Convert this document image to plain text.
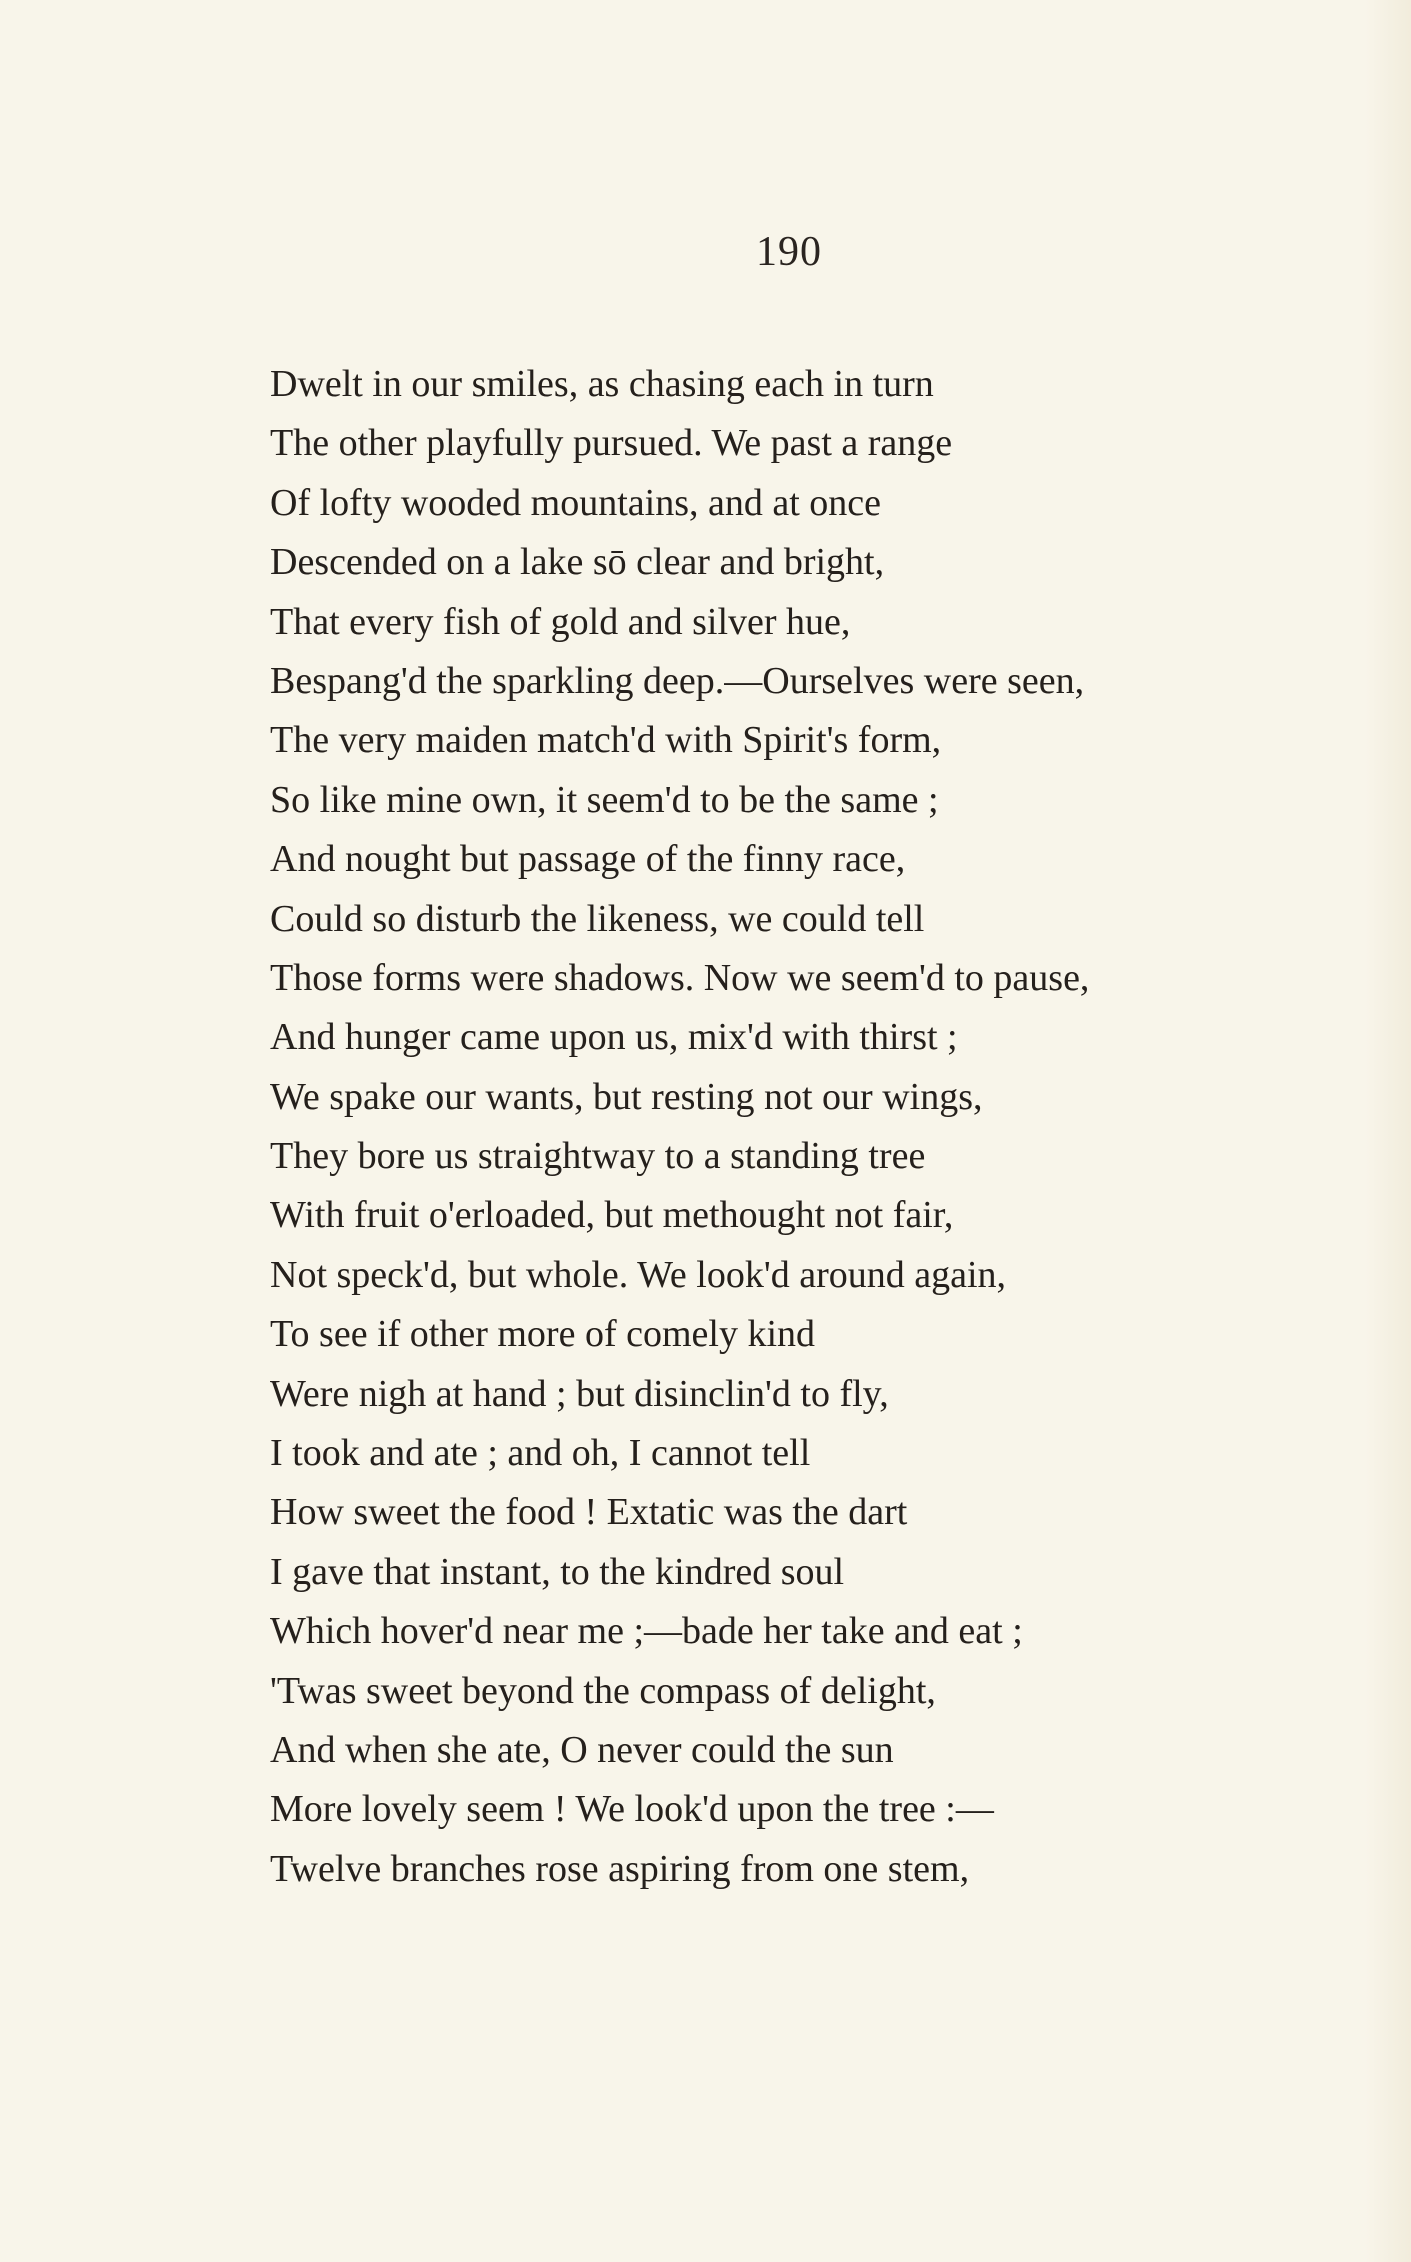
190
Dwelt in our smiles, as chasing each in turn
The other playfully pursued. We past a range
Of lofty wooded mountains, and at once
Descended on a lake sō clear and bright,
That every fish of gold and silver hue,
Bespang'd the sparkling deep.—Ourselves were seen,
The very maiden match'd with Spirit's form,
So like mine own, it seem'd to be the same ;
And nought but passage of the finny race,
Could so disturb the likeness, we could tell
Those forms were shadows. Now we seem'd to pause,
And hunger came upon us, mix'd with thirst ;
We spake our wants, but resting not our wings,
They bore us straightway to a standing tree
With fruit o'erloaded, but methought not fair,
Not speck'd, but whole. We look'd around again,
To see if other more of comely kind
Were nigh at hand ; but disinclin'd to fly,
I took and ate ; and oh, I cannot tell
How sweet the food ! Extatic was the dart
I gave that instant, to the kindred soul
Which hover'd near me ;—bade her take and eat ;
'Twas sweet beyond the compass of delight,
And when she ate, O never could the sun
More lovely seem ! We look'd upon the tree :—
Twelve branches rose aspiring from one stem,
